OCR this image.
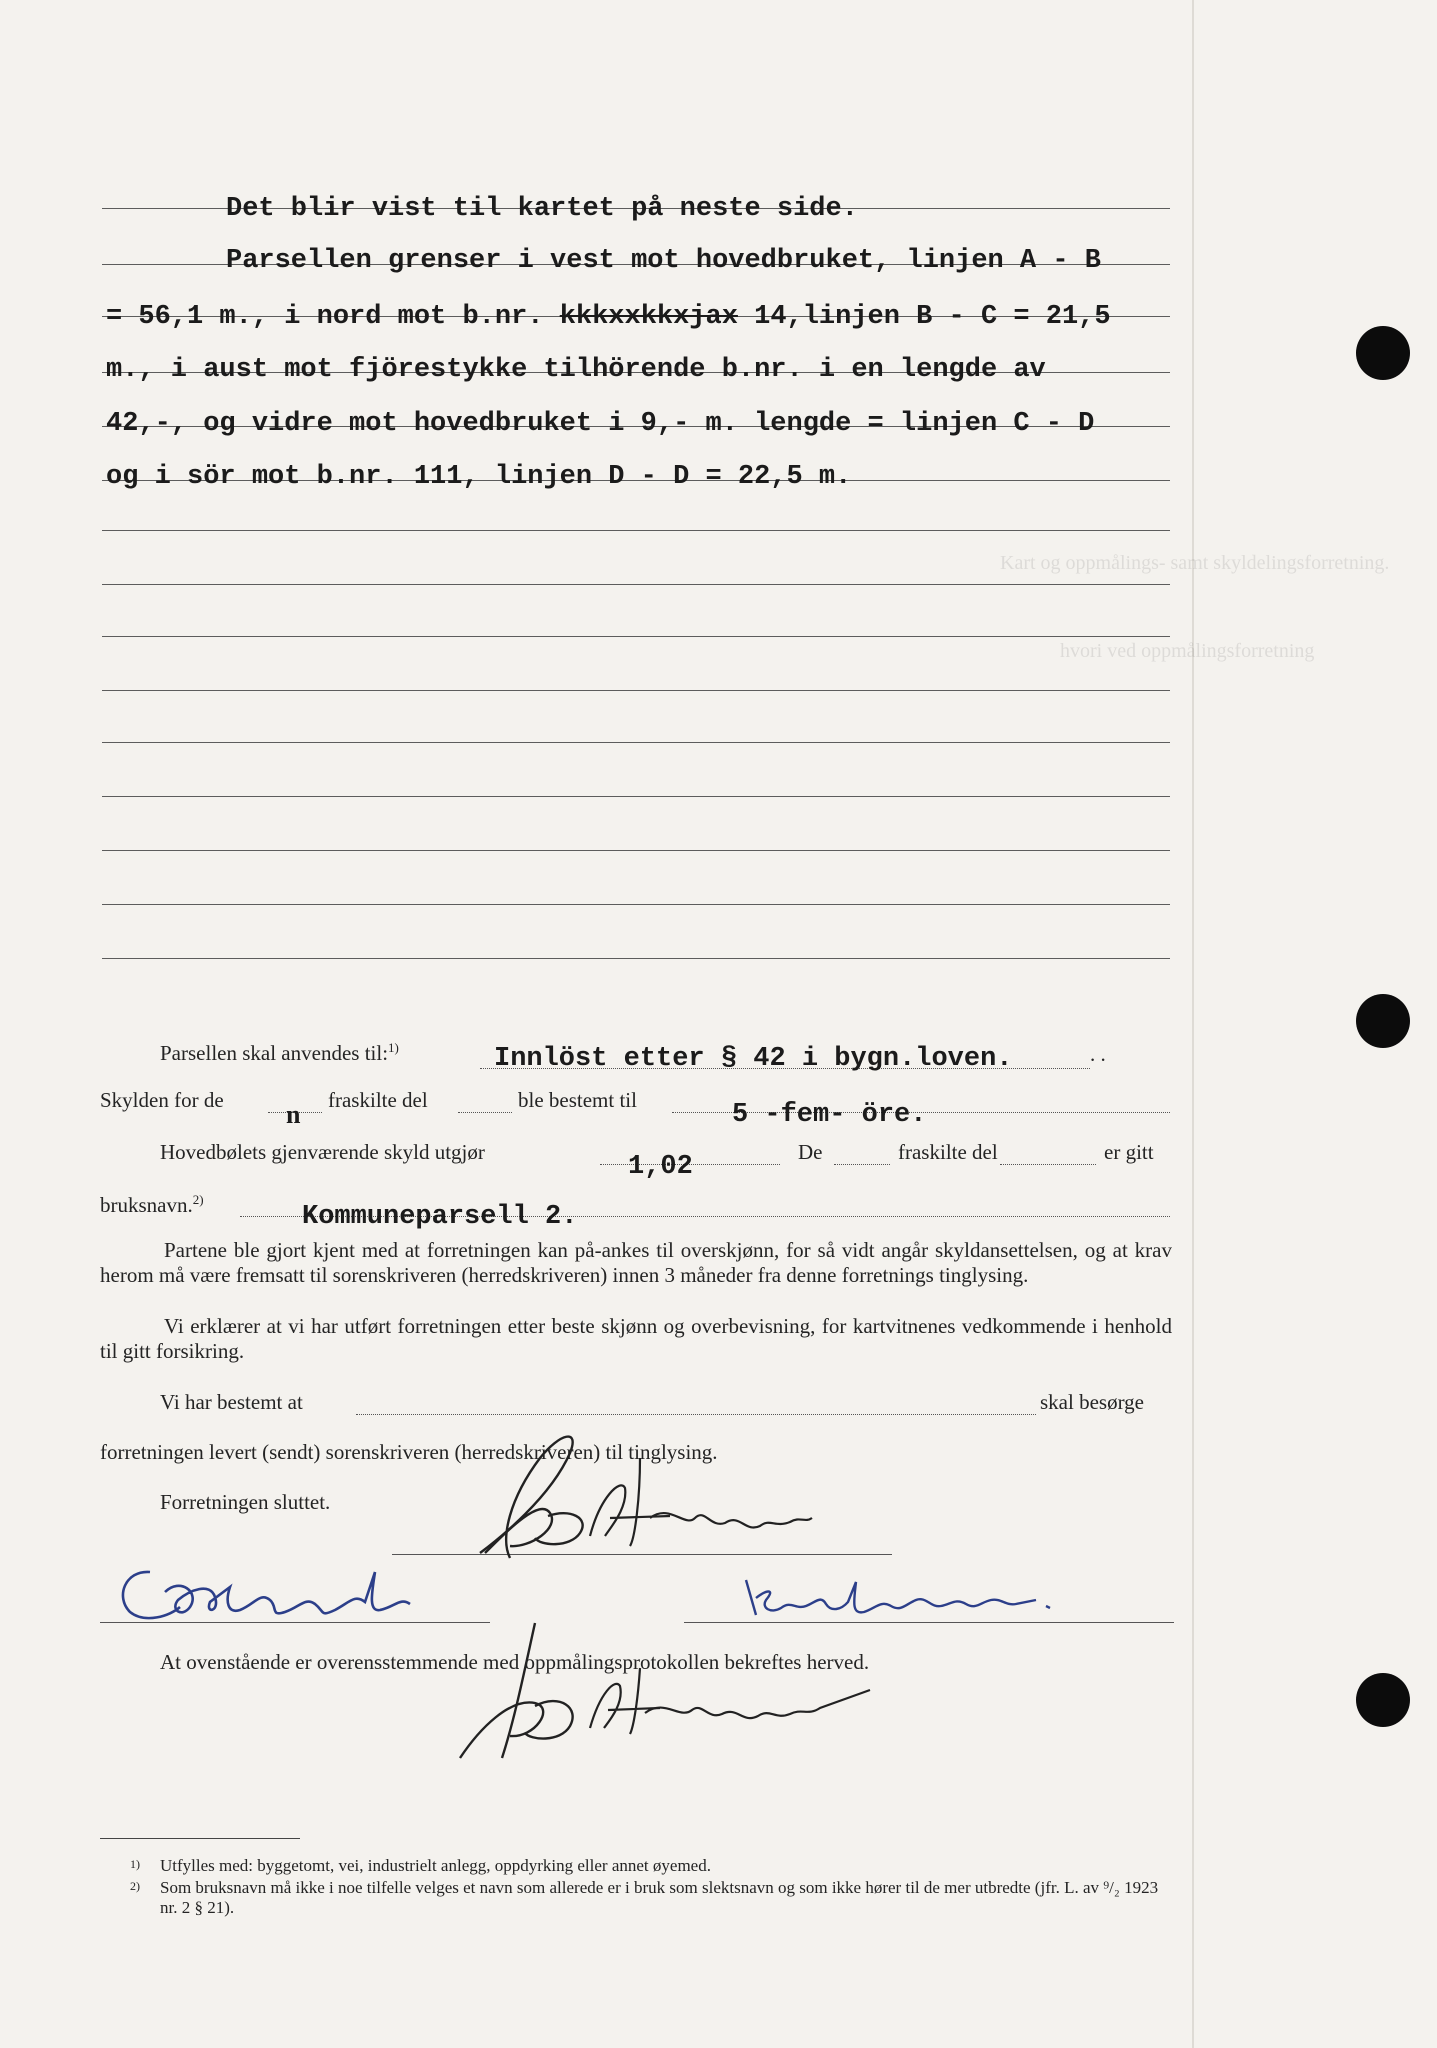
Kart og oppmålings- samt skyldelingsforretning.
hvori ved oppmålingsforretning
Det blir vist til kartet på neste side.
Parsellen grenser i vest mot hovedbruket, linjen A - B
= 56,1 m., i nord mot b.nr. kkkxxkkxjax 14,linjen B - C = 21,5
m., i aust mot fjörestykke tilhörende b.nr. i en lengde av
42,-, og vidre mot hovedbruket i 9,- m. lengde = linjen C - D
og i sör mot b.nr. 111, linjen D - D = 22,5 m.
Parsellen skal anvendes til:$^{1)}$	Innlöst etter § 42 i bygn.loven.	. .
Skylden for de n fraskilte del	ble bestemt til	5 -fem- öre.
Hovedbølets gjenværende skyld utgjør	1,02	De	fraskilte del	er gitt
bruksnavn.$^{2)}$
Kommuneparsell 2.
Partene ble gjort kjent med at forretningen kan på-ankes til overskjønn, for så vidt angår skyldansettelsen, og at krav herom må være fremsatt til sorenskriveren (herredskriveren) innen 3 måneder fra denne forretnings tinglysing.
Vi erklærer at vi har utført forretningen etter beste skjønn og overbevisning, for kartvitnenes vedkommende i henhold til gitt forsikring.
Vi har bestemt at	skal besørge
forretningen levert (sendt) sorenskriveren (herredskriveren) til tinglysing.
Forretningen sluttet.
At ovenstående er overensstemmende med oppmålingsprotokollen bekreftes herved.
1) Utfylles med: byggetomt, vei, industrielt anlegg, oppdyrking eller annet øyemed.
2) Som bruksnavn må ikke i noe tilfelle velges et navn som allerede er i bruk som slektsnavn og som ikke hører til de mer utbredte (jfr. L. av ⁹/₂ 1923 nr. 2 § 21).
